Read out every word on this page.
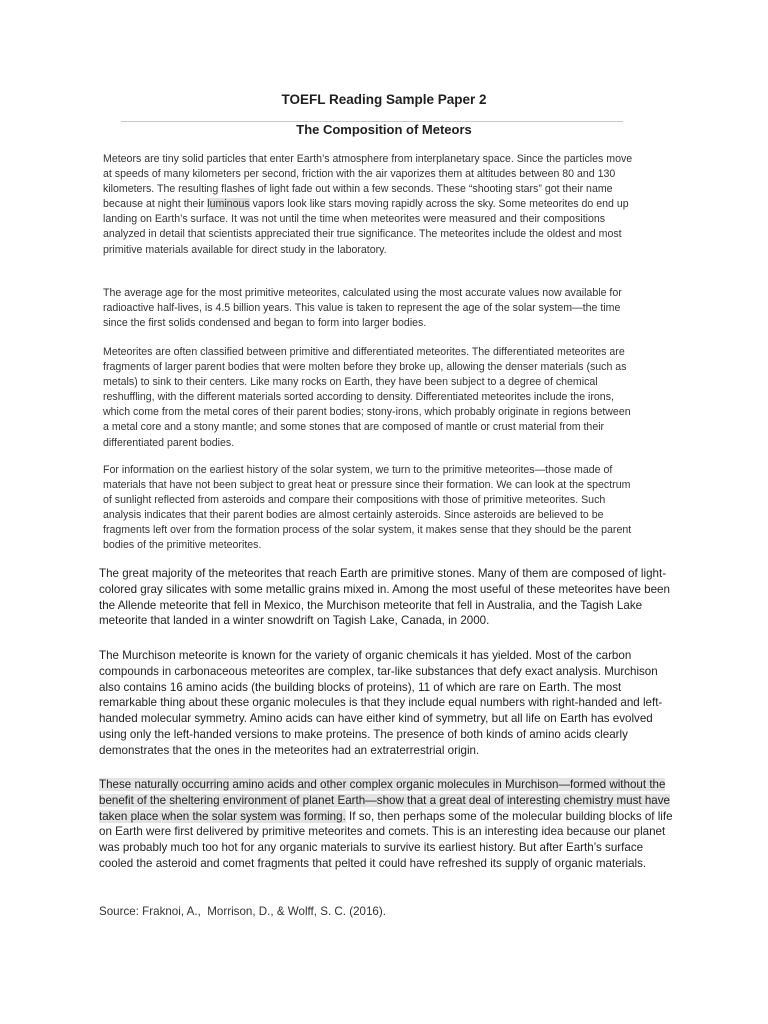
TOEFL Reading Sample Paper 2
The Composition of Meteors

Meteors are tiny solid particles that enter Earth’s atmosphere from interplanetary space. Since the particles move at speeds of many kilometers per second, friction with the air vaporizes them at altitudes between 80 and 130 kilometers. The resulting flashes of light fade out within a few seconds. These “shooting stars” got their name because at night their luminous vapors look like stars moving rapidly across the sky. Some meteorites do end up landing on Earth’s surface. It was not until the time when meteorites were measured and their compositions analyzed in detail that scientists appreciated their true significance. The meteorites include the oldest and most primitive materials available for direct study in the laboratory.

The average age for the most primitive meteorites, calculated using the most accurate values now available for radioactive half-lives, is 4.5 billion years. This value is taken to represent the age of the solar system—the time since the first solids condensed and began to form into larger bodies.

Meteorites are often classified between primitive and differentiated meteorites. The differentiated meteorites are fragments of larger parent bodies that were molten before they broke up, allowing the denser materials (such as metals) to sink to their centers. Like many rocks on Earth, they have been subject to a degree of chemical reshuffling, with the different materials sorted according to density. Differentiated meteorites include the irons, which come from the metal cores of their parent bodies; stony-irons, which probably originate in regions between a metal core and a stony mantle; and some stones that are composed of mantle or crust material from their differentiated parent bodies.

For information on the earliest history of the solar system, we turn to the primitive meteorites—those made of materials that have not been subject to great heat or pressure since their formation. We can look at the spectrum of sunlight reflected from asteroids and compare their compositions with those of primitive meteorites. Such analysis indicates that their parent bodies are almost certainly asteroids. Since asteroids are believed to be fragments left over from the formation process of the solar system, it makes sense that they should be the parent bodies of the primitive meteorites.

The great majority of the meteorites that reach Earth are primitive stones. Many of them are composed of light-colored gray silicates with some metallic grains mixed in. Among the most useful of these meteorites have been the Allende meteorite that fell in Mexico, the Murchison meteorite that fell in Australia, and the Tagish Lake meteorite that landed in a winter snowdrift on Tagish Lake, Canada, in 2000.

The Murchison meteorite is known for the variety of organic chemicals it has yielded. Most of the carbon compounds in carbonaceous meteorites are complex, tar-like substances that defy exact analysis. Murchison also contains 16 amino acids (the building blocks of proteins), 11 of which are rare on Earth. The most remarkable thing about these organic molecules is that they include equal numbers with right-handed and left-handed molecular symmetry. Amino acids can have either kind of symmetry, but all life on Earth has evolved using only the left-handed versions to make proteins. The presence of both kinds of amino acids clearly demonstrates that the ones in the meteorites had an extraterrestrial origin.

These naturally occurring amino acids and other complex organic molecules in Murchison—formed without the benefit of the sheltering environment of planet Earth—show that a great deal of interesting chemistry must have taken place when the solar system was forming. If so, then perhaps some of the molecular building blocks of life on Earth were first delivered by primitive meteorites and comets. This is an interesting idea because our planet was probably much too hot for any organic materials to survive its earliest history. But after Earth’s surface cooled the asteroid and comet fragments that pelted it could have refreshed its supply of organic materials.

Source: Fraknoi, A.,  Morrison, D., & Wolff, S. C. (2016).
